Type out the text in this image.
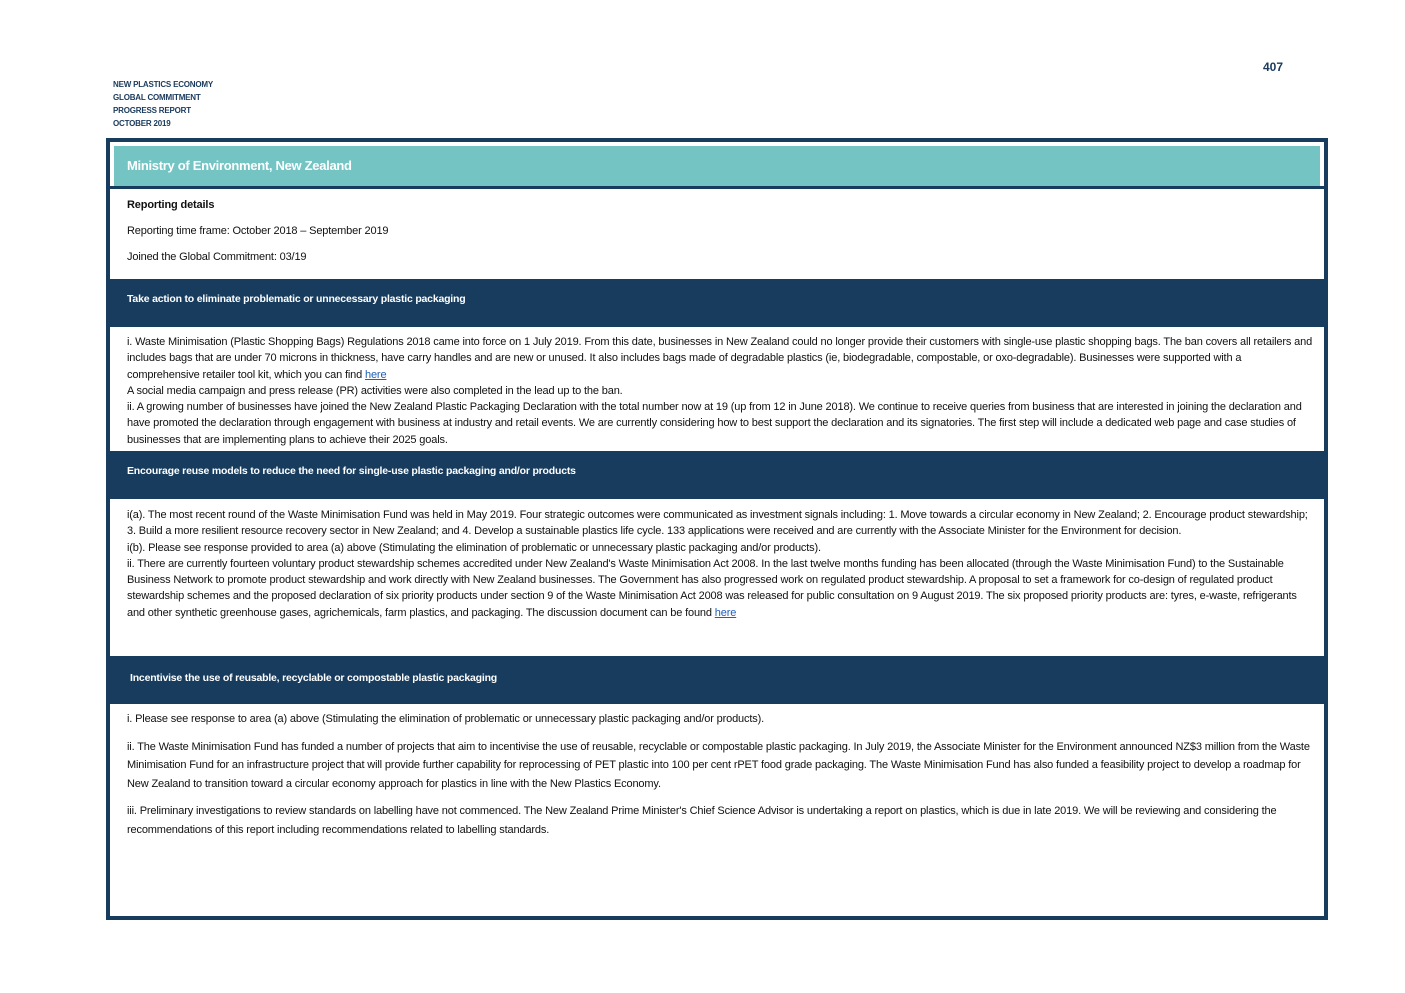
407
NEW PLASTICS ECONOMY
GLOBAL COMMITMENT
PROGRESS REPORT
OCTOBER 2019
Ministry of Environment, New Zealand

Reporting details

Reporting time frame: October 2018 – September 2019

Joined the Global Commitment: 03/19

Take action to eliminate problematic or unnecessary plastic packaging

i. Waste Minimisation (Plastic Shopping Bags) Regulations 2018 came into force on 1 July 2019. From this date, businesses in New Zealand could no longer provide their customers with single-use plastic shopping bags. The ban covers all retailers and includes bags that are under 70 microns in thickness, have carry handles and are new or unused. It also includes bags made of degradable plastics (ie, biodegradable, compostable, or oxo-degradable). Businesses were supported with a comprehensive retailer tool kit, which you can find here

A social media campaign and press release (PR) activities were also completed in the lead up to the ban.

ii. A growing number of businesses have joined the New Zealand Plastic Packaging Declaration with the total number now at 19 (up from 12 in June 2018). We continue to receive queries from business that are interested in joining the declaration and have promoted the declaration through engagement with business at industry and retail events. We are currently considering how to best support the declaration and its signatories. The first step will include a dedicated web page and case studies of businesses that are implementing plans to achieve their 2025 goals.

Encourage reuse models to reduce the need for single-use plastic packaging and/or products

i(a). The most recent round of the Waste Minimisation Fund was held in May 2019. Four strategic outcomes were communicated as investment signals including: 1. Move towards a circular economy in New Zealand; 2. Encourage product stewardship; 3. Build a more resilient resource recovery sector in New Zealand; and 4. Develop a sustainable plastics life cycle. 133 applications were received and are currently with the Associate Minister for the Environment for decision.

i(b). Please see response provided to area (a) above (Stimulating the elimination of problematic or unnecessary plastic packaging and/or products).

ii. There are currently fourteen voluntary product stewardship schemes accredited under New Zealand's Waste Minimisation Act 2008. In the last twelve months funding has been allocated (through the Waste Minimisation Fund) to the Sustainable Business Network to promote product stewardship and work directly with New Zealand businesses. The Government has also progressed work on regulated product stewardship. A proposal to set a framework for co-design of regulated product stewardship schemes and the proposed declaration of six priority products under section 9 of the Waste Minimisation Act 2008 was released for public consultation on 9 August 2019. The six proposed priority products are: tyres, e-waste, refrigerants and other synthetic greenhouse gases, agrichemicals, farm plastics, and packaging. The discussion document can be found here

Incentivise the use of reusable, recyclable or compostable plastic packaging

i. Please see response to area (a) above (Stimulating the elimination of problematic or unnecessary plastic packaging and/or products).

ii. The Waste Minimisation Fund has funded a number of projects that aim to incentivise the use of reusable, recyclable or compostable plastic packaging. In July 2019, the Associate Minister for the Environment announced NZ$3 million from the Waste Minimisation Fund for an infrastructure project that will provide further capability for reprocessing of PET plastic into 100 per cent rPET food grade packaging. The Waste Minimisation Fund has also funded a feasibility project to develop a roadmap for New Zealand to transition toward a circular economy approach for plastics in line with the New Plastics Economy.

iii. Preliminary investigations to review standards on labelling have not commenced. The New Zealand Prime Minister's Chief Science Advisor is undertaking a report on plastics, which is due in late 2019. We will be reviewing and considering the recommendations of this report including recommendations related to labelling standards.
